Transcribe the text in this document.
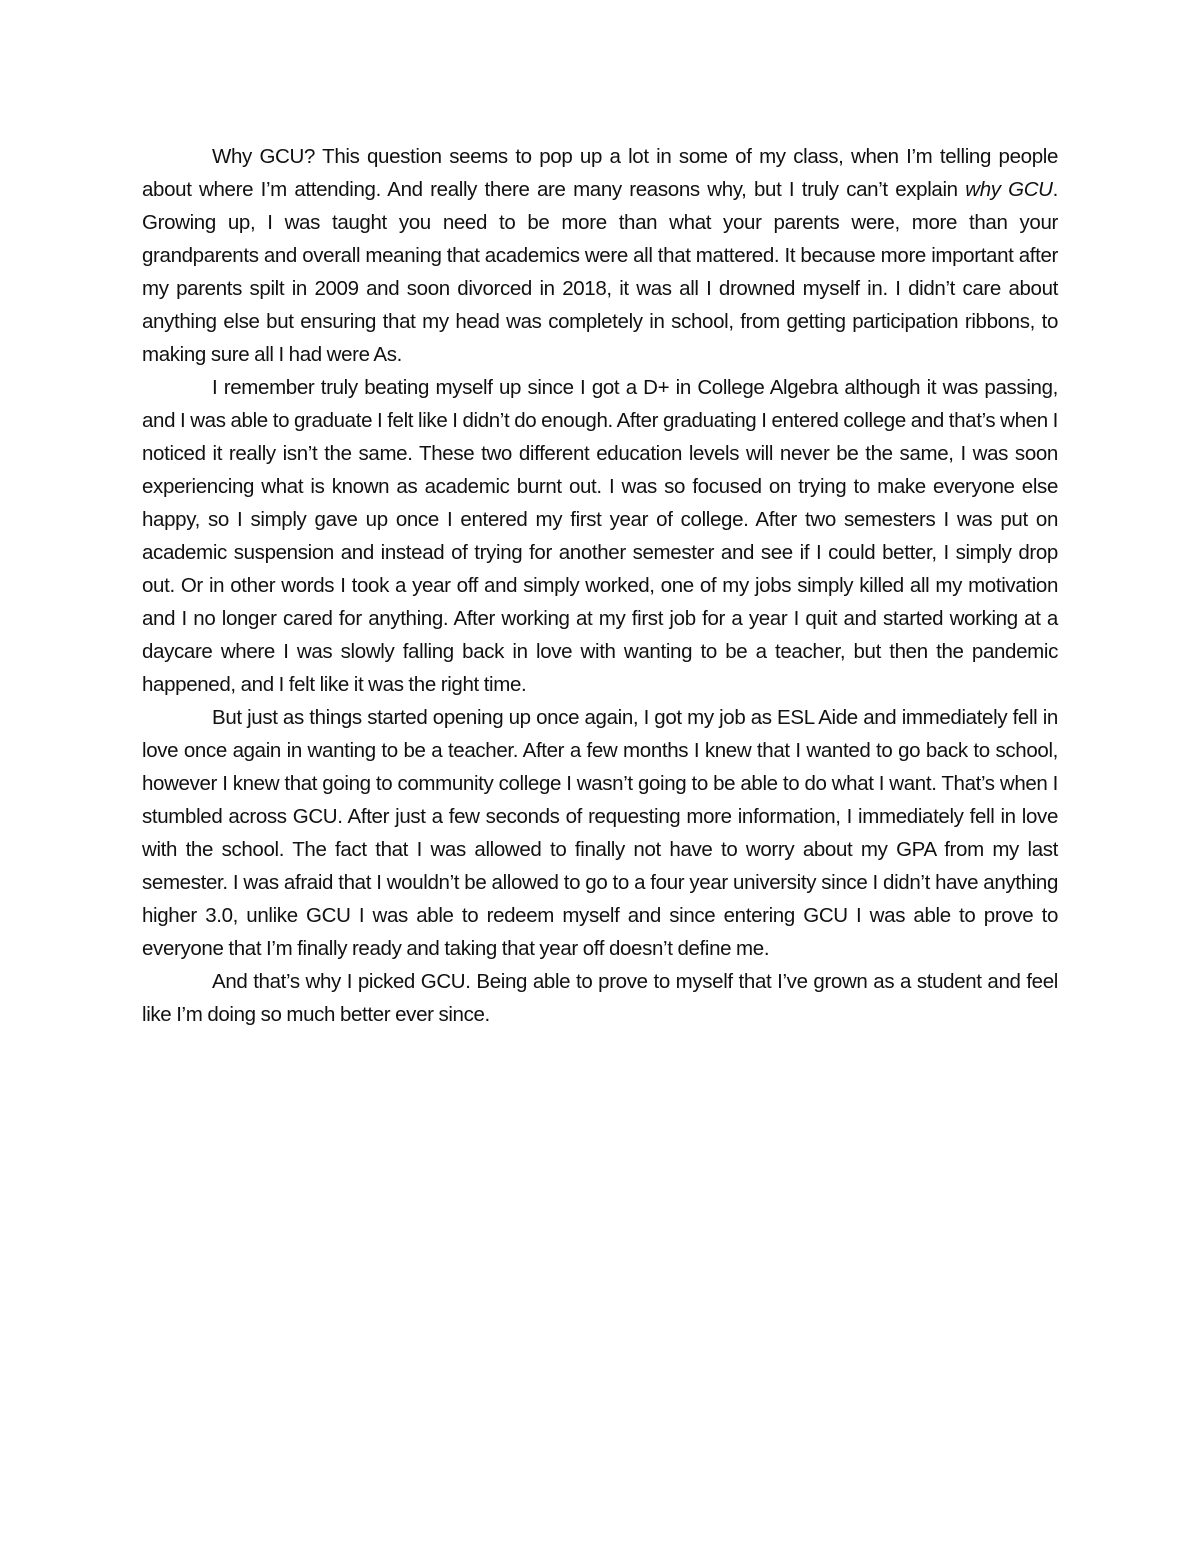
Why GCU? This question seems to pop up a lot in some of my class, when I’m telling people about where I’m attending. And really there are many reasons why, but I truly can’t explain why GCU. Growing up, I was taught you need to be more than what your parents were, more than your grandparents and overall meaning that academics were all that mattered. It because more important after my parents spilt in 2009 and soon divorced in 2018, it was all I drowned myself in. I didn’t care about anything else but ensuring that my head was completely in school, from getting participation ribbons, to making sure all I had were As.

I remember truly beating myself up since I got a D+ in College Algebra although it was passing, and I was able to graduate I felt like I didn’t do enough. After graduating I entered college and that’s when I noticed it really isn’t the same. These two different education levels will never be the same, I was soon experiencing what is known as academic burnt out. I was so focused on trying to make everyone else happy, so I simply gave up once I entered my first year of college. After two semesters I was put on academic suspension and instead of trying for another semester and see if I could better, I simply drop out. Or in other words I took a year off and simply worked, one of my jobs simply killed all my motivation and I no longer cared for anything. After working at my first job for a year I quit and started working at a daycare where I was slowly falling back in love with wanting to be a teacher, but then the pandemic happened, and I felt like it was the right time.

But just as things started opening up once again, I got my job as ESL Aide and immediately fell in love once again in wanting to be a teacher. After a few months I knew that I wanted to go back to school, however I knew that going to community college I wasn’t going to be able to do what I want. That’s when I stumbled across GCU. After just a few seconds of requesting more information, I immediately fell in love with the school. The fact that I was allowed to finally not have to worry about my GPA from my last semester. I was afraid that I wouldn’t be allowed to go to a four year university since I didn’t have anything higher 3.0, unlike GCU I was able to redeem myself and since entering GCU I was able to prove to everyone that I’m finally ready and taking that year off doesn’t define me.

And that’s why I picked GCU. Being able to prove to myself that I’ve grown as a student and feel like I’m doing so much better ever since.
